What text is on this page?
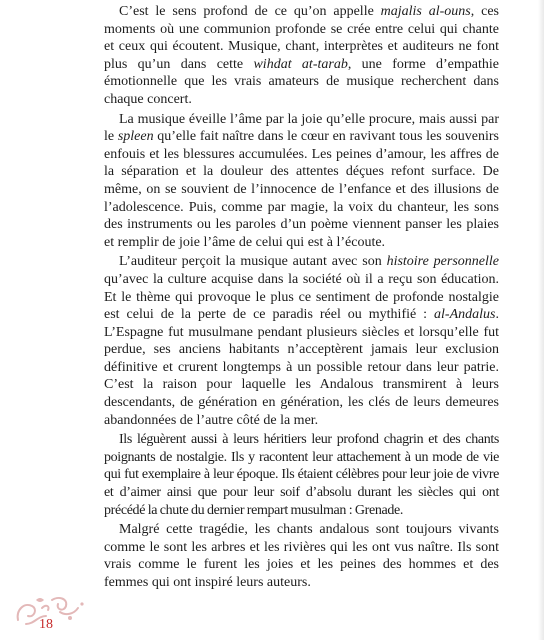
C’est le sens profond de ce qu’on appelle majalis al-ouns, ces moments où une communion profonde se crée entre celui qui chante et ceux qui écoutent. Musique, chant, interprètes et auditeurs ne font plus qu’un dans cette wihdat at-tarab, une forme d’empathie émotionnelle que les vrais amateurs de musique recherchent dans chaque concert.

La musique éveille l’âme par la joie qu’elle procure, mais aussi par le spleen qu’elle fait naître dans le cœur en ravivant tous les souvenirs enfouis et les blessures accumulées. Les peines d’amour, les affres de la séparation et la douleur des attentes déçues refont surface. De même, on se souvient de l’innocence de l’enfance et des illusions de l’adolescence. Puis, comme par magie, la voix du chanteur, les sons des instruments ou les paroles d’un poème viennent panser les plaies et remplir de joie l’âme de celui qui est à l’écoute.

L’auditeur perçoit la musique autant avec son histoire personnelle qu’avec la culture acquise dans la société où il a reçu son éducation. Et le thème qui provoque le plus ce sentiment de profonde nostalgie est celui de la perte de ce paradis réel ou mythifié : al-Andalus. L’Espagne fut musulmane pendant plusieurs siècles et lorsqu’elle fut perdue, ses anciens habitants n’acceptèrent jamais leur exclusion définitive et crurent longtemps à un possible retour dans leur patrie. C’est la raison pour laquelle les Andalous transmirent à leurs descendants, de génération en génération, les clés de leurs demeures abandonnées de l’autre côté de la mer.

Ils léguèrent aussi à leurs héritiers leur profond chagrin et des chants poignants de nostalgie. Ils y racontent leur attachement à un mode de vie qui fut exemplaire à leur époque. Ils étaient célèbres pour leur joie de vivre et d’aimer ainsi que pour leur soif d’absolu durant les siècles qui ont précédé la chute du dernier rempart musulman : Grenade.

Malgré cette tragédie, les chants andalous sont toujours vivants comme le sont les arbres et les rivières qui les ont vus naître. Ils sont vrais comme le furent les joies et les peines des hommes et des femmes qui ont inspiré leurs auteurs.

18
